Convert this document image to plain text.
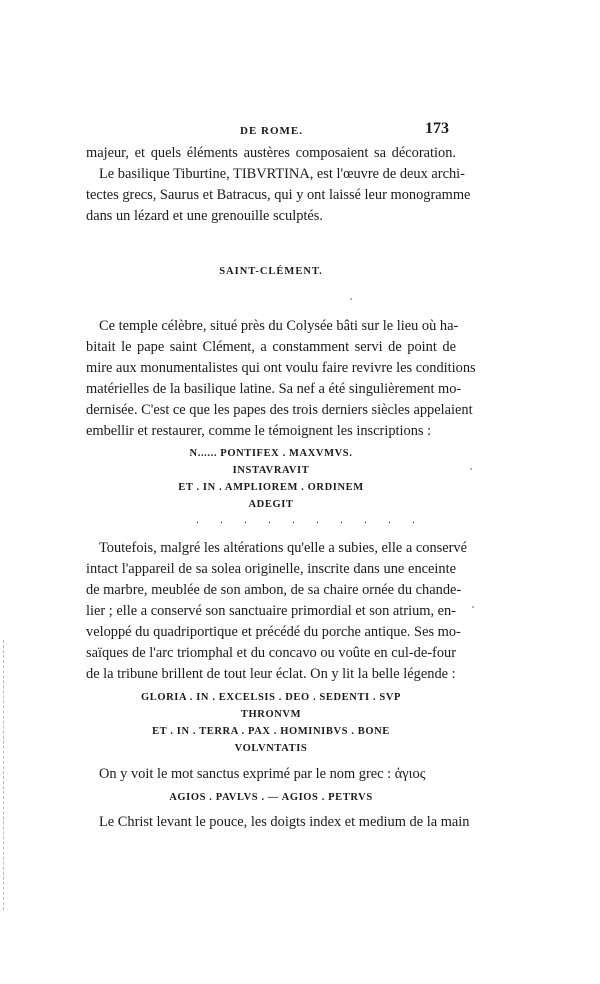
DE ROME.	173
majeur, et quels éléments austères composaient sa décoration.
Le basilique Tiburtine, TIBVRTINA, est l'œuvre de deux archi-
tectes grecs, Saurus et Batracus, qui y ont laissé leur monogramme
dans un lézard et une grenouille sculptés.
SAINT-CLÉMENT.
Ce temple célèbre, situé près du Colysée bâti sur le lieu où ha-
bitait le pape saint Clément, a constamment servi de point de
mire aux monumentalistes qui ont voulu faire revivre les conditions
matérielles de la basilique latine. Sa nef a été singulièrement mo-
dernisée. C'est ce que les papes des trois derniers siècles appelaient
embellir et restaurer, comme le témoignent les inscriptions :
N...... PONTIFEX . MAXVMVS.
INSTAVRAVIT
ET . IN . AMPLIOREM . ORDINEM
ADEGIT
. . . . . . . . . .
Toutefois, malgré les altérations qu'elle a subies, elle a conservé
intact l'appareil de sa solea originelle, inscrite dans une enceinte
de marbre, meublée de son ambon, de sa chaire ornée du chande-
lier ; elle a conservé son sanctuaire primordial et son atrium, en-
veloppé du quadriportique et précédé du porche antique. Ses mo-
saïques de l'arc triomphal et du concavo ou voûte en cul-de-four
de la tribune brillent de tout leur éclat. On y lit la belle légende :
GLORIA . IN . EXCELSIS . DEO . SEDENTI . SVP
THRONVM
ET . IN . TERRA . PAX . HOMINIBVS . BONE
VOLVNTATIS
On y voit le mot sanctus exprimé par le nom grec : ἁγιος
AGIOS . PAVLVS . — AGIOS . PETRVS
Le Christ levant le pouce, les doigts index et medium de la main
